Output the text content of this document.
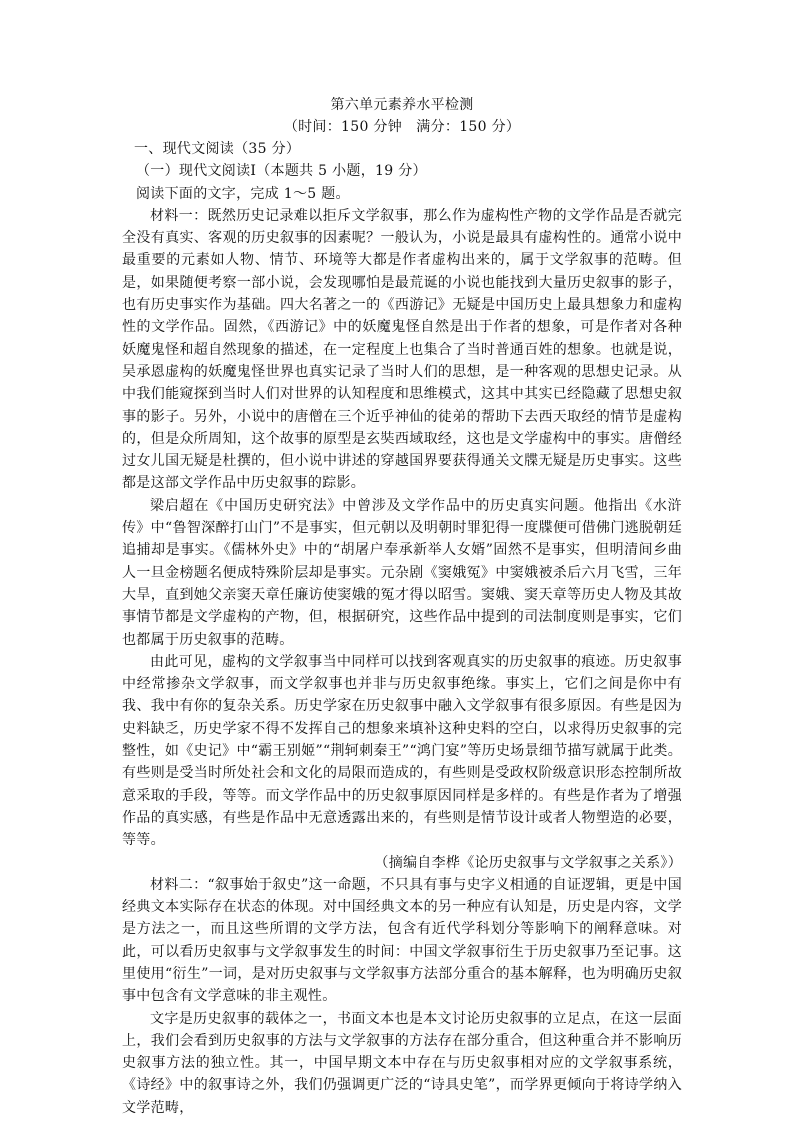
第六单元素养水平检测

（时间：150 分钟　满分：150 分）

一、现代文阅读（35 分）

（一）现代文阅读Ⅰ（本题共 5 小题，19 分）

阅读下面的文字，完成 1～5 题。

材料一：既然历史记录难以拒斥文学叙事，那么作为虚构性产物的文学作品是否就完全没有真实、客观的历史叙事的因素呢？一般认为，小说是最具有虚构性的。通常小说中最重要的元素如人物、情节、环境等大都是作者虚构出来的，属于文学叙事的范畴。但是，如果随便考察一部小说，会发现哪怕是最荒诞的小说也能找到大量历史叙事的影子，也有历史事实作为基础。四大名著之一的《西游记》无疑是中国历史上最具想象力和虚构性的文学作品。固然，《西游记》中的妖魔鬼怪自然是出于作者的想象，可是作者对各种妖魔鬼怪和超自然现象的描述，在一定程度上也集合了当时普通百姓的想象。也就是说，吴承恩虚构的妖魔鬼怪世界也真实记录了当时人们的思想，是一种客观的思想史记录。从中我们能窥探到当时人们对世界的认知程度和思维模式，这其中其实已经隐藏了思想史叙事的影子。另外，小说中的唐僧在三个近乎神仙的徒弟的帮助下去西天取经的情节是虚构的，但是众所周知，这个故事的原型是玄奘西域取经，这也是文学虚构中的事实。唐僧经过女儿国无疑是杜撰的，但小说中讲述的穿越国界要获得通关文牒无疑是历史事实。这些都是这部文学作品中历史叙事的踪影。

梁启超在《中国历史研究法》中曾涉及文学作品中的历史真实问题。他指出《水浒传》中“鲁智深醉打山门”不是事实，但元朝以及明朝时罪犯得一度牒便可借佛门逃脱朝廷追捕却是事实。《儒林外史》中的“胡屠户奉承新举人女婿”固然不是事实，但明清间乡曲人一旦金榜题名便成特殊阶层却是事实。元杂剧《窦娥冤》中窦娥被杀后六月飞雪，三年大旱，直到她父亲窦天章任廉访使窦娥的冤才得以昭雪。窦娥、窦天章等历史人物及其故事情节都是文学虚构的产物，但，根据研究，这些作品中提到的司法制度则是事实，它们也都属于历史叙事的范畴。

由此可见，虚构的文学叙事当中同样可以找到客观真实的历史叙事的痕迹。历史叙事中经常掺杂文学叙事，而文学叙事也并非与历史叙事绝缘。事实上，它们之间是你中有我、我中有你的复杂关系。历史学家在历史叙事中融入文学叙事有很多原因。有些是因为史料缺乏，历史学家不得不发挥自己的想象来填补这种史料的空白，以求得历史叙事的完整性，如《史记》中“霸王别姬”“荆轲刺秦王”“鸿门宴”等历史场景细节描写就属于此类。有些则是受当时所处社会和文化的局限而造成的，有些则是受政权阶级意识形态控制所故意采取的手段，等等。而文学作品中的历史叙事原因同样是多样的。有些是作者为了增强作品的真实感，有些是作品中无意透露出来的，有些则是情节设计或者人物塑造的必要，等等。

（摘编自李桦《论历史叙事与文学叙事之关系》）

材料二：“叙事始于叙史”这一命题，不只具有事与史字义相通的自证逻辑，更是中国经典文本实际存在状态的体现。对中国经典文本的另一种应有认知是，历史是内容，文学是方法之一，而且这些所谓的文学方法，包含有近代学科划分等影响下的阐释意味。对此，可以看历史叙事与文学叙事发生的时间：中国文学叙事衍生于历史叙事乃至记事。这里使用“衍生”一词，是对历史叙事与文学叙事方法部分重合的基本解释，也为明确历史叙事中包含有文学意味的非主观性。

文字是历史叙事的载体之一，书面文本也是本文讨论历史叙事的立足点，在这一层面上，我们会看到历史叙事的方法与文学叙事的方法存在部分重合，但这种重合并不影响历史叙事方法的独立性。其一，中国早期文本中存在与历史叙事相对应的文学叙事系统，《诗经》中的叙事诗之外，我们仍强调更广泛的“诗具史笔”，而学界更倾向于将诗学纳入文学范畴，
